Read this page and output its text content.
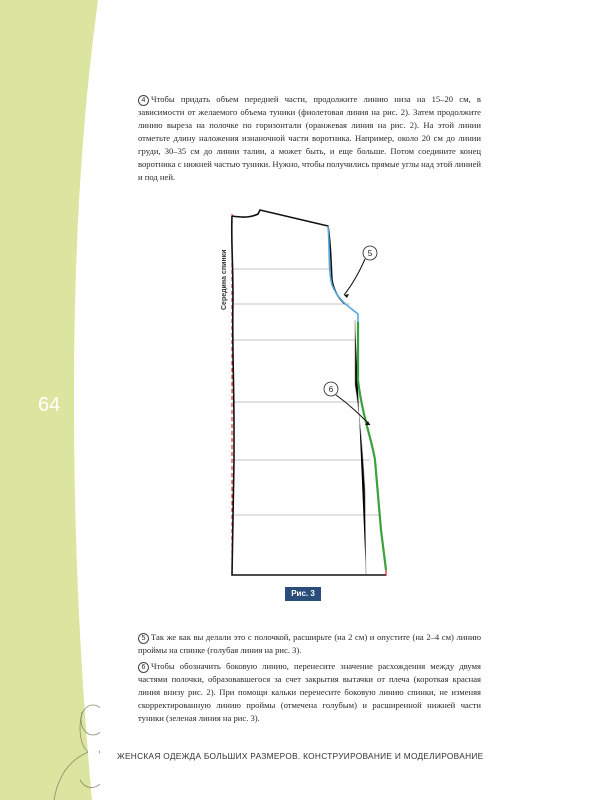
64
4 Чтобы придать объем передней части, продолжите линию низа на 15–20 см, в зависимости от желаемого объема туники (фиолетовая линия на рис. 2). Затем продолжите линию выреза на полочке по горизонтали (оранжевая линия на рис. 2). На этой линии отметьте длину наложения изнаночной части воротника. Например, около 20 см до линии груди, 30–35 см до линии талии, а может быть, и еще больше. Потом соедините конец воротника с нижней частью туники. Нужно, чтобы получились прямые углы над этой линией и под ней.
5
6
Середина спинки
Рис. 3
5 Так же как вы делали это с полочкой, расширьте (на 2 см) и опустите (на 2–4 см) линию проймы на спинке (голубая линия на рис. 3).
6 Чтобы обозначить боковую линию, перенесите значение расхождения между двумя частями полочки, образовавшегося за счет закрытия вытачки от плеча (короткая красная линия внизу рис. 2). При помощи кальки перенесите боковую линию спинки, не изменяя скорректированную линию проймы (отмечена голубым) и расширенной нижней части туники (зеленая линия на рис. 3).
ЖЕНСКАЯ ОДЕЖДА БОЛЬШИХ РАЗМЕРОВ. КОНСТРУИРОВАНИЕ И МОДЕЛИРОВАНИЕ
